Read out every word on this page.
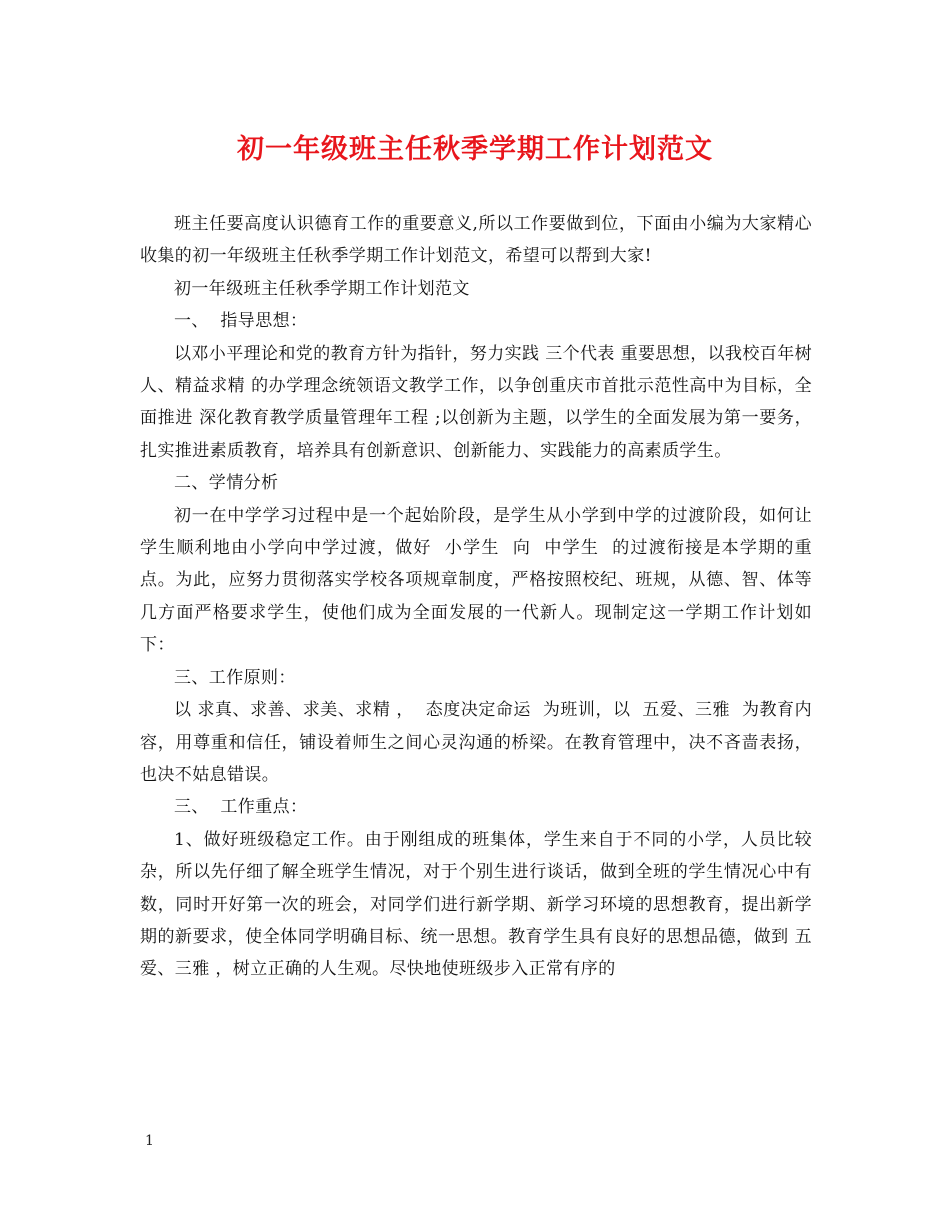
初一年级班主任秋季学期工作计划范文

班主任要高度认识德育工作的重要意义,所以工作要做到位，下面由小编为大家精心收集的初一年级班主任秋季学期工作计划范文，希望可以帮到大家!

初一年级班主任秋季学期工作计划范文

一、  指导思想：

以邓小平理论和党的教育方针为指针，努力实践 三个代表 重要思想，以我校百年树人、精益求精 的办学理念统领语文教学工作，以争创重庆市首批示范性高中为目标，全面推进 深化教育教学质量管理年工程 ;以创新为主题，以学生的全面发展为第一要务，扎实推进素质教育，培养具有创新意识、创新能力、实践能力的高素质学生。

二、学情分析

初一在中学学习过程中是一个起始阶段，是学生从小学到中学的过渡阶段，如何让学生顺利地由小学向中学过渡，做好  小学生  向  中学生  的过渡衔接是本学期的重点。为此，应努力贯彻落实学校各项规章制度，严格按照校纪、班规，从德、智、体等几方面严格要求学生，使他们成为全面发展的一代新人。现制定这一学期工作计划如下：

三、工作原则：

以 求真、求善、求美、求精 ，  态度决定命运  为班训，以  五爱、三雅  为教育内容，用尊重和信任，铺设着师生之间心灵沟通的桥梁。在教育管理中，决不吝啬表扬，也决不姑息错误。

三、  工作重点：

1、做好班级稳定工作。由于刚组成的班集体，学生来自于不同的小学，人员比较杂，所以先仔细了解全班学生情况，对于个别生进行谈话，做到全班的学生情况心中有数，同时开好第一次的班会，对同学们进行新学期、新学习环境的思想教育，提出新学期的新要求，使全体同学明确目标、统一思想。教育学生具有良好的思想品德，做到 五爱、三雅 ，树立正确的人生观。尽快地使班级步入正常有序的

1
